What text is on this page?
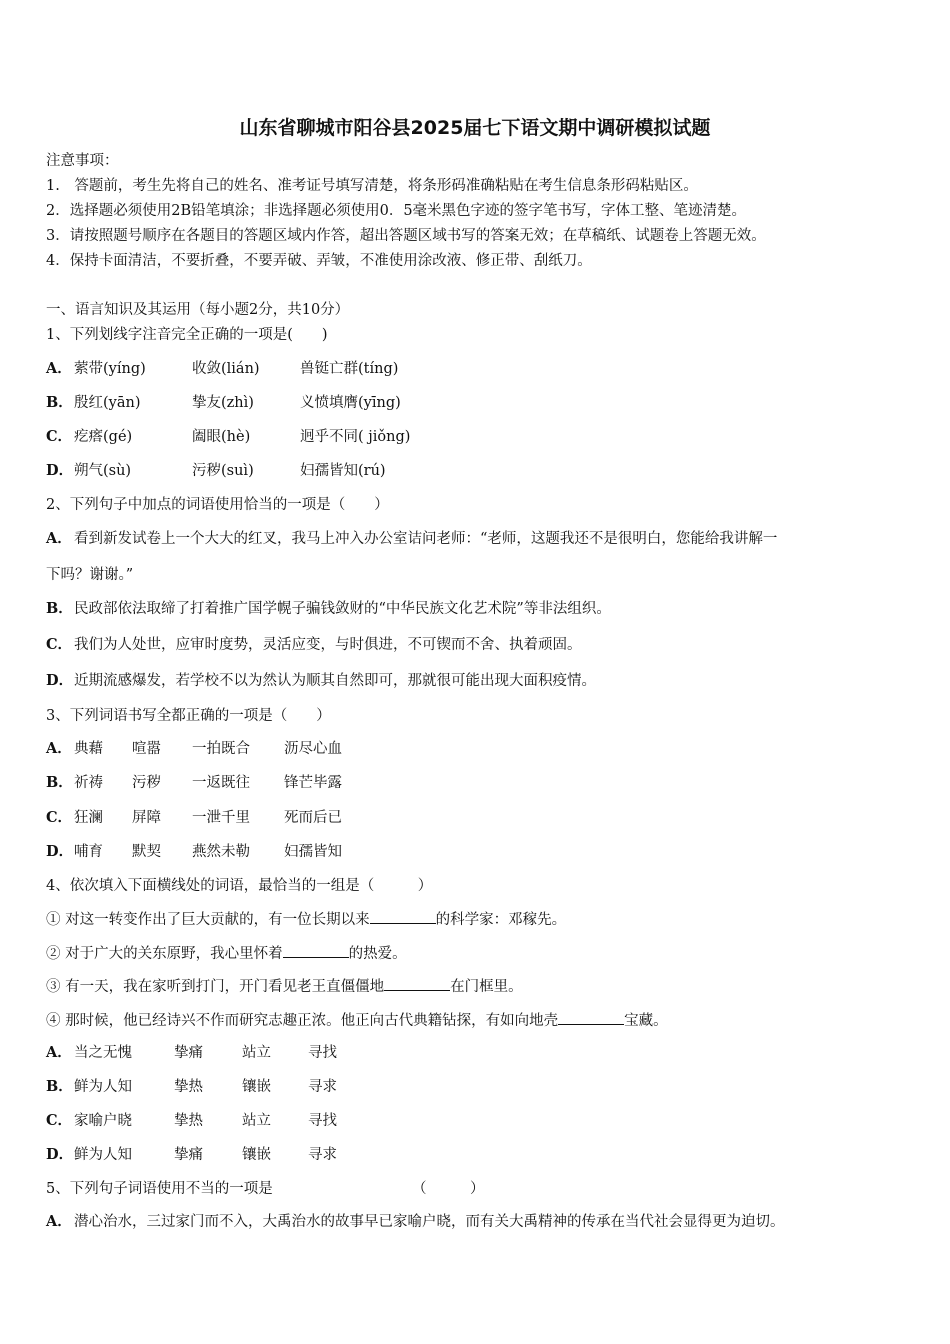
山东省聊城市阳谷县2025届七下语文期中调研模拟试题
注意事项：
1.　答题前，考生先将自己的姓名、准考证号填写清楚，将条形码准确粘贴在考生信息条形码粘贴区。
2．选择题必须使用2B铅笔填涂；非选择题必须使用0．5毫米黑色字迹的签字笔书写，字体工整、笔迹清楚。
3．请按照题号顺序在各题目的答题区域内作答，超出答题区域书写的答案无效；在草稿纸、试题卷上答题无效。
4．保持卡面清洁，不要折叠，不要弄破、弄皱，不准使用涂改液、修正带、刮纸刀。
一、语言知识及其运用（每小题2分，共10分）
1、下列划线字注音完全正确的一项是(　　)
A． 萦带(yíng)	收敛(lián)	兽铤亡群(tíng)
B．殷红(yān)	挚友(zhì)	义愤填膺(yīng)
C． 疙瘩(gé)	阖眼(hè)	迥乎不同( jiǒng)
D．朔气(sù)	污秽(suì)	妇孺皆知(rú)
2、下列句子中加点的词语使用恰当的一项是（　　）
A． 看到新发试卷上一个大大的红叉，我马上冲入办公室诘问老师：“老师，这题我还不是很明白，您能给我讲解一
下吗？谢谢。”
B．民政部依法取缔了打着推广国学幌子骗钱敛财的“中华民族文化艺术院”等非法组织。
C． 我们为人处世，应审时度势，灵活应变，与时俱进，不可锲而不舍、执着顽固。
D．近期流感爆发，若学校不以为然认为顺其自然即可，那就很可能出现大面积疫情。
3、下列词语书写全都正确的一项是（　　）
A． 典藉 喧嚣 一拍既合 沥尽心血
B．祈祷 污秽 一返既往 锋芒毕露
C． 狂澜 屏障 一泄千里 死而后已
D．哺育 默契 燕然未勒 妇孺皆知
4、依次填入下面横线处的词语，最恰当的一组是（　　　）
① 对这一转变作出了巨大贡献的，有一位长期以来	的科学家：邓稼先。
② 对于广大的关东原野，我心里怀着	的热爱。
③ 有一天，我在家听到打门，开门看见老王直僵僵地	在门框里。
④ 那时候，他已经诗兴不作而研究志趣正浓。他正向古代典籍钻探，有如向地壳	宝藏。
A． 当之无愧	挚痛	站立	寻找
B．鲜为人知	挚热	镶嵌	寻求
C． 家喻户晓	挚热	站立	寻找
D．鲜为人知	挚痛	镶嵌	寻求
5、下列句子词语使用不当的一项是	（　　　）
A． 潜心治水，三过家门而不入，大禹治水的故事早已家喻户晓，而有关大禹精神的传承在当代社会显得更为迫切。
